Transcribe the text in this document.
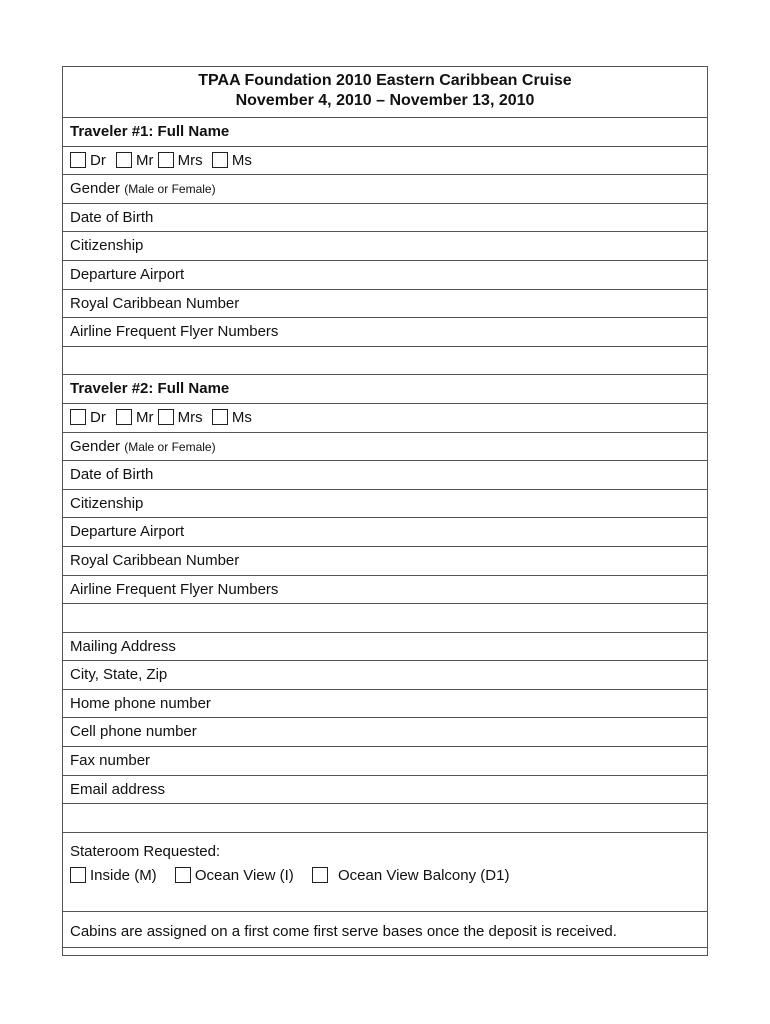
TPAA Foundation 2010 Eastern Caribbean Cruise
November 4, 2010 – November 13, 2010
Traveler #1: Full Name
Dr Mr Mrs Ms
Gender (Male or Female)
Date of Birth
Citizenship
Departure Airport
Royal Caribbean Number
Airline Frequent Flyer Numbers
Traveler #2: Full Name
Dr Mr Mrs Ms
Gender (Male or Female)
Date of Birth
Citizenship
Departure Airport
Royal Caribbean Number
Airline Frequent Flyer Numbers
Mailing Address
City, State, Zip
Home phone number
Cell phone number
Fax number
Email address
Stateroom Requested:
Inside (M)	Ocean View (I)	Ocean View Balcony (D1)
Cabins are assigned on a first come first serve bases once the deposit is received.
